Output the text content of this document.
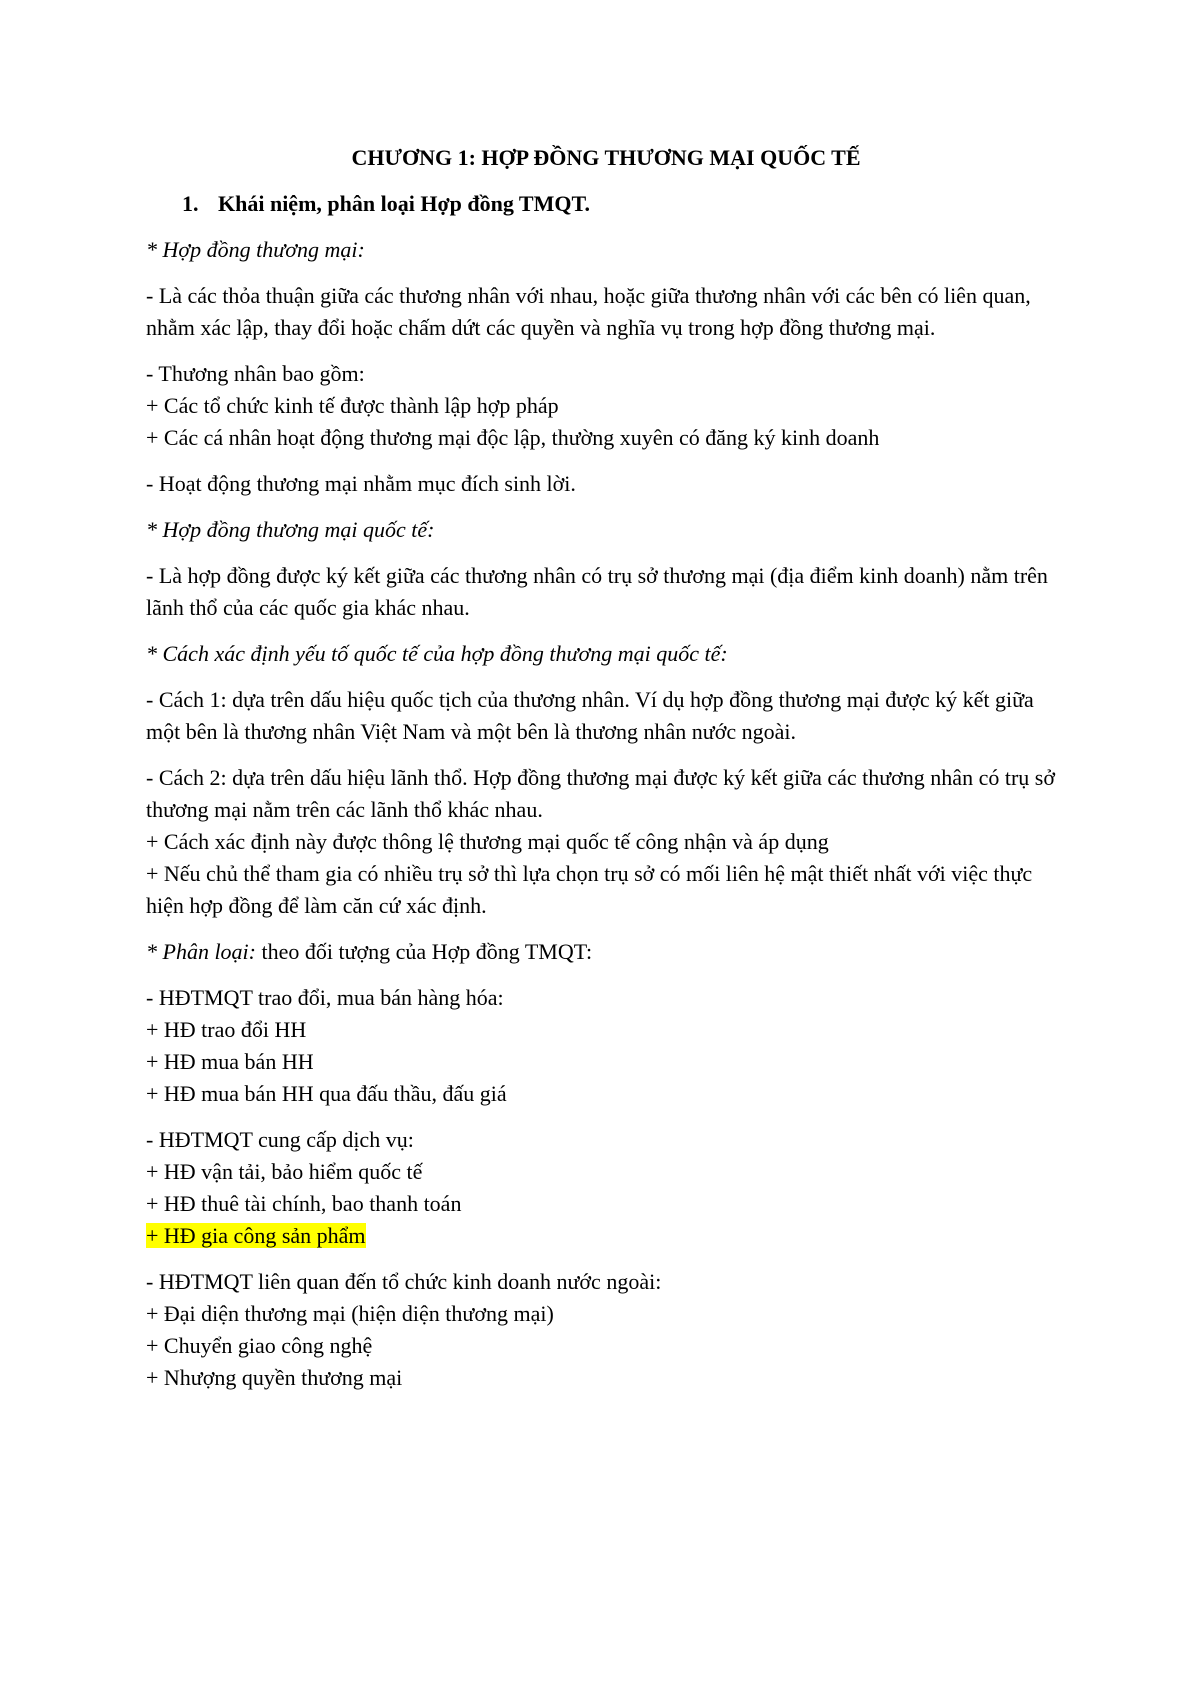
CHƯƠNG 1: HỢP ĐỒNG THƯƠNG MẠI QUỐC TẾ
1. Khái niệm, phân loại Hợp đồng TMQT.
* Hợp đồng thương mại:
- Là các thỏa thuận giữa các thương nhân với nhau, hoặc giữa thương nhân với các bên có liên quan, nhằm xác lập, thay đổi hoặc chấm dứt các quyền và nghĩa vụ trong hợp đồng thương mại.
- Thương nhân bao gồm:
+ Các tổ chức kinh tế được thành lập hợp pháp
+ Các cá nhân hoạt động thương mại độc lập, thường xuyên có đăng ký kinh doanh
- Hoạt động thương mại nhằm mục đích sinh lời.
* Hợp đồng thương mại quốc tế:
- Là hợp đồng được ký kết giữa các thương nhân có trụ sở thương mại (địa điểm kinh doanh) nằm trên lãnh thổ của các quốc gia khác nhau.
* Cách xác định yếu tố quốc tế của hợp đồng thương mại quốc tế:
- Cách 1: dựa trên dấu hiệu quốc tịch của thương nhân. Ví dụ hợp đồng thương mại được ký kết giữa một bên là thương nhân Việt Nam và một bên là thương nhân nước ngoài.
- Cách 2: dựa trên dấu hiệu lãnh thổ. Hợp đồng thương mại được ký kết giữa các thương nhân có trụ sở thương mại nằm trên các lãnh thổ khác nhau.
+ Cách xác định này được thông lệ thương mại quốc tế công nhận và áp dụng
+ Nếu chủ thể tham gia có nhiều trụ sở thì lựa chọn trụ sở có mối liên hệ mật thiết nhất với việc thực hiện hợp đồng để làm căn cứ xác định.
* Phân loại: theo đối tượng của Hợp đồng TMQT:
- HĐTMQT trao đổi, mua bán hàng hóa:
+ HĐ trao đổi HH
+ HĐ mua bán HH
+ HĐ mua bán HH qua đấu thầu, đấu giá
- HĐTMQT cung cấp dịch vụ:
+ HĐ vận tải, bảo hiểm quốc tế
+ HĐ thuê tài chính, bao thanh toán
+ HĐ gia công sản phẩm
- HĐTMQT liên quan đến tổ chức kinh doanh nước ngoài:
+ Đại diện thương mại (hiện diện thương mại)
+ Chuyển giao công nghệ
+ Nhượng quyền thương mại
